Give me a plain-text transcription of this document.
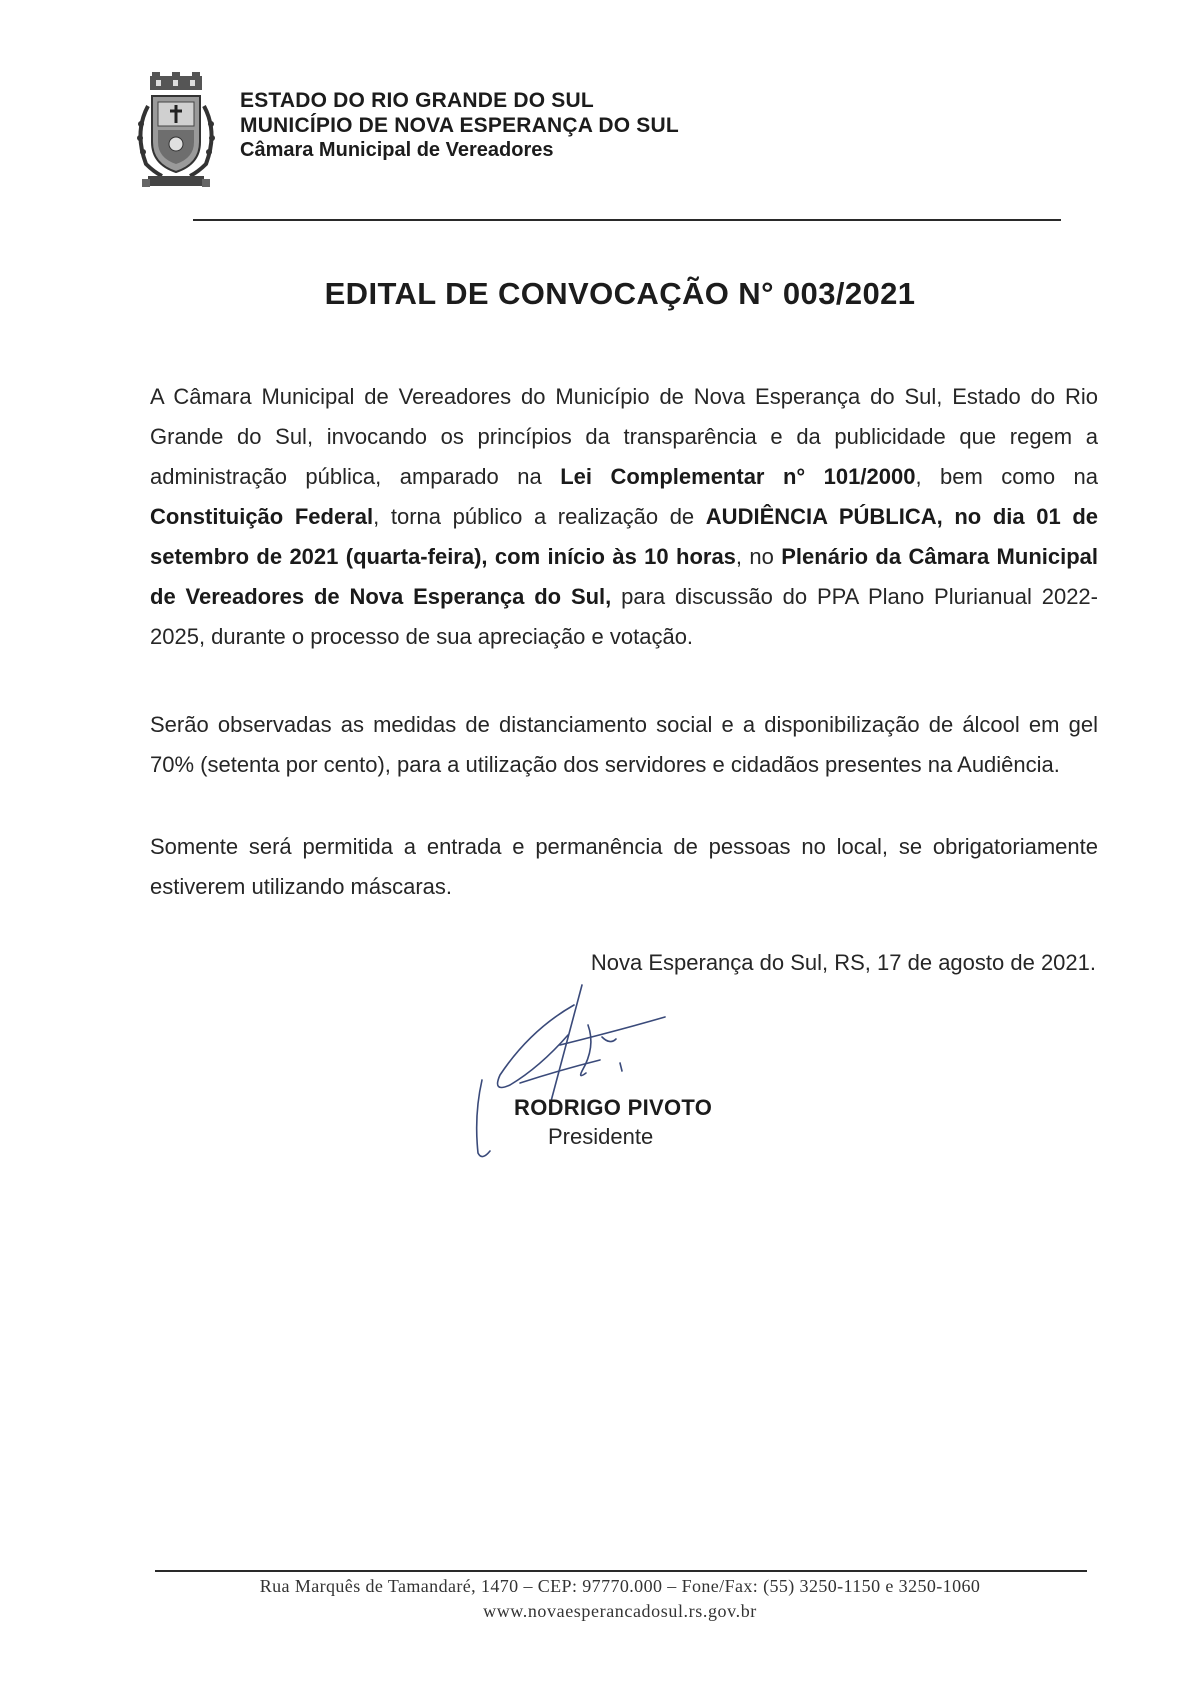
ESTADO DO RIO GRANDE DO SUL
MUNICÍPIO DE NOVA ESPERANÇA DO SUL
Câmara Municipal de Vereadores
EDITAL DE CONVOCAÇÃO N° 003/2021
A Câmara Municipal de Vereadores do Município de Nova Esperança do Sul, Estado do Rio Grande do Sul, invocando os princípios da transparência e da publicidade que regem a administração pública, amparado na Lei Complementar n° 101/2000, bem como na Constituição Federal, torna público a realização de AUDIÊNCIA PÚBLICA, no dia 01 de setembro de 2021 (quarta-feira), com início às 10 horas, no Plenário da Câmara Municipal de Vereadores de Nova Esperança do Sul, para discussão do PPA Plano Plurianual 2022-2025, durante o processo de sua apreciação e votação.
Serão observadas as medidas de distanciamento social e a disponibilização de álcool em gel 70% (setenta por cento), para a utilização dos servidores e cidadãos presentes na Audiência.
Somente será permitida a entrada e permanência de pessoas no local, se obrigatoriamente estiverem utilizando máscaras.
Nova Esperança do Sul, RS, 17 de agosto de 2021.
RODRIGO PIVOTO
Presidente
Rua Marquês de Tamandaré, 1470 – CEP: 97770.000 – Fone/Fax: (55) 3250-1150 e 3250-1060
www.novaesperancadosul.rs.gov.br
